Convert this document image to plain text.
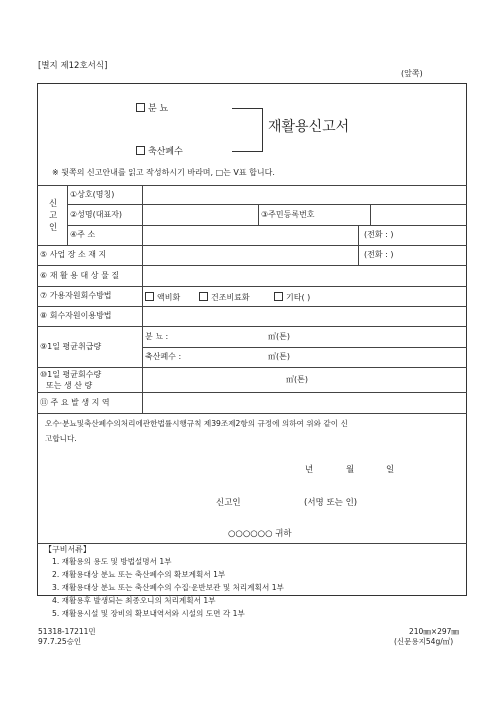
[별지 제12호서식]
(앞쪽)
분 뇨
축산폐수
재활용신고서
※ 뒷쪽의 신고안내를 읽고 작성하시기 바라며, □는 V표 합니다.
신
고
인
①상호(명칭)
②성명(대표자)	③주민등록번호
④주 소	(전화 : )
⑤ 사업 장 소 재 지	(전화 : )
⑥ 재 활 용 대 상 물 질
⑦ 가용자원회수방법	액비화	건조비료화	기타( )
⑧ 회수자원이용방법
⑨1일 평균취급량
분 뇨 :	㎥(톤)
축산폐수 :	㎥(톤)
⑩1일 평균회수량
또는 생 산 량
㎥(톤)
⑪ 주 요 발 생 지 역
오수·분뇨및축산폐수의처리에관한법률시행규칙 제39조제2항의 규정에 의하여 위와 같이 신
고합니다.
년	월	일
신고인	(서명 또는 인)
○○○○○○ 귀하
【구비서류】
1. 재활용의 용도 및 방법설명서 1부
2. 재활용대상 분뇨 또는 축산폐수의 확보계획서 1부
3. 재활용대상 분뇨 또는 축산폐수의 수집·운반보관 및 처리계획서 1부
4. 재활용후 발생되는 최종오니의 처리계획서 1부
5. 재활용시설 및 장비의 확보내역서와 시설의 도면 각 1부
51318-17211민
97.7.25승인
210㎜×297㎜
(신문용지54g/㎡)
